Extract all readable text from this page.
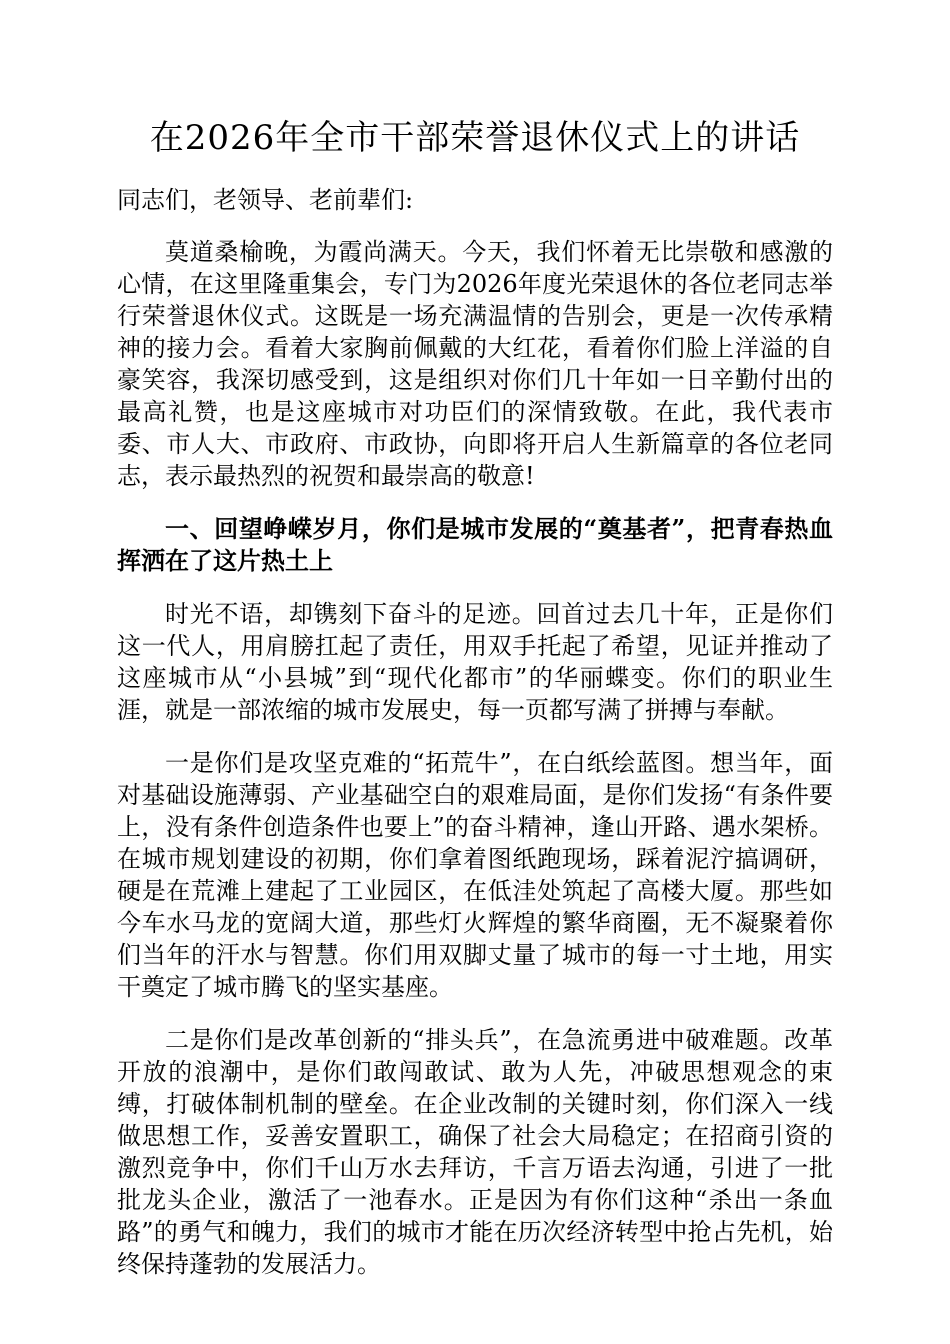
在2026年全市干部荣誉退休仪式上的讲话

同志们，老领导、老前辈们:

莫道桑榆晚，为霞尚满天。今天，我们怀着无比崇敬和感激的心情，在这里隆重集会，专门为2026年度光荣退休的各位老同志举行荣誉退休仪式。这既是一场充满温情的告别会，更是一次传承精神的接力会。看着大家胸前佩戴的大红花，看着你们脸上洋溢的自豪笑容，我深切感受到，这是组织对你们几十年如一日辛勤付出的最高礼赞，也是这座城市对功臣们的深情致敬。在此，我代表市委、市人大、市政府、市政协，向即将开启人生新篇章的各位老同志，表示最热烈的祝贺和最崇高的敬意!

一、回望峥嵘岁月，你们是城市发展的“奠基者”，把青春热血挥洒在了这片热土上

时光不语，却镌刻下奋斗的足迹。回首过去几十年，正是你们这一代人，用肩膀扛起了责任，用双手托起了希望，见证并推动了这座城市从“小县城”到“现代化都市”的华丽蝶变。你们的职业生涯，就是一部浓缩的城市发展史，每一页都写满了拼搏与奉献。

一是你们是攻坚克难的“拓荒牛”，在白纸绘蓝图。想当年，面对基础设施薄弱、产业基础空白的艰难局面，是你们发扬“有条件要上，没有条件创造条件也要上”的奋斗精神，逢山开路、遇水架桥。在城市规划建设的初期，你们拿着图纸跑现场，踩着泥泞搞调研，硬是在荒滩上建起了工业园区，在低洼处筑起了高楼大厦。那些如今车水马龙的宽阔大道，那些灯火辉煌的繁华商圈，无不凝聚着你们当年的汗水与智慧。你们用双脚丈量了城市的每一寸土地，用实干奠定了城市腾飞的坚实基座。

二是你们是改革创新的“排头兵”，在急流勇进中破难题。改革开放的浪潮中，是你们敢闯敢试、敢为人先，冲破思想观念的束缚，打破体制机制的壁垒。在企业改制的关键时刻，你们深入一线做思想工作，妥善安置职工，确保了社会大局稳定；在招商引资的激烈竞争中，你们千山万水去拜访，千言万语去沟通，引进了一批批龙头企业，激活了一池春水。正是因为有你们这种“杀出一条血路”的勇气和魄力，我们的城市才能在历次经济转型中抢占先机，始终保持蓬勃的发展活力。
